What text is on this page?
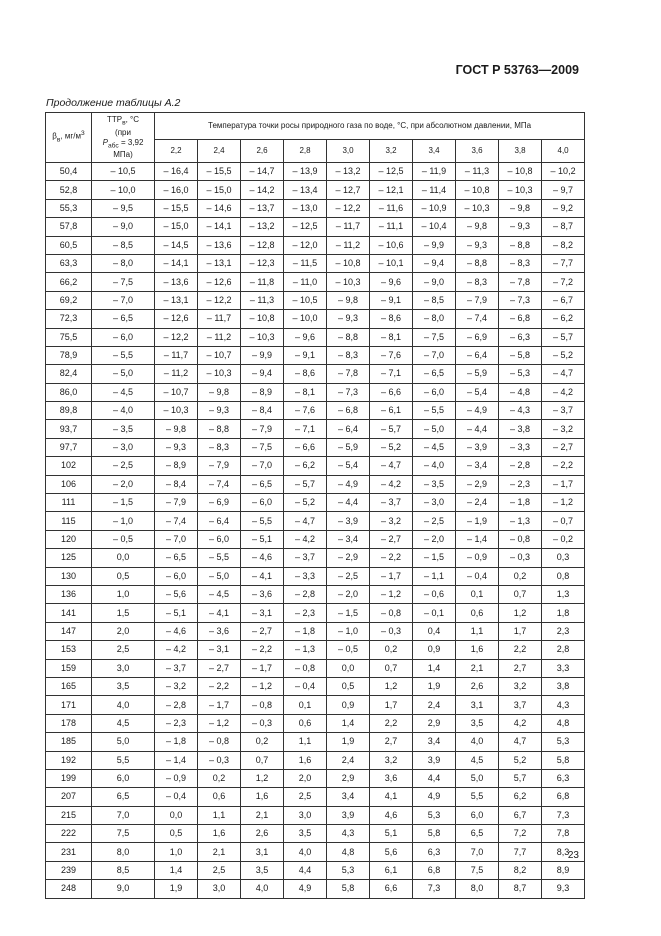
ГОСТ Р 53763—2009
Продолжение таблицы А.2
$\beta_в$, $мг/м^3$	$ТТР_в$, °С
(при
$P_{абс} = 3,92$ МПа)	Температура точки росы природного газа по воде, °С, при абсолютном давлении, МПа									
		2,2	2,4	2,6	2,8	3,0	3,2	3,4	3,6	3,8	4,0
50,4	– 10,5	– 16,4	– 15,5	– 14,7	– 13,9	– 13,2	– 12,5	– 11,9	– 11,3	– 10,8	– 10,2
52,8	– 10,0	– 16,0	– 15,0	– 14,2	– 13,4	– 12,7	– 12,1	– 11,4	– 10,8	– 10,3	– 9,7
55,3	– 9,5	– 15,5	– 14,6	– 13,7	– 13,0	– 12,2	– 11,6	– 10,9	– 10,3	– 9,8	– 9,2
57,8	– 9,0	– 15,0	– 14,1	– 13,2	– 12,5	– 11,7	– 11,1	– 10,4	– 9,8	– 9,3	– 8,7
60,5	– 8,5	– 14,5	– 13,6	– 12,8	– 12,0	– 11,2	– 10,6	– 9,9	– 9,3	– 8,8	– 8,2
63,3	– 8,0	– 14,1	– 13,1	– 12,3	– 11,5	– 10,8	– 10,1	– 9,4	– 8,8	– 8,3	– 7,7
66,2	– 7,5	– 13,6	– 12,6	– 11,8	– 11,0	– 10,3	– 9,6	– 9,0	– 8,3	– 7,8	– 7,2
69,2	– 7,0	– 13,1	– 12,2	– 11,3	– 10,5	– 9,8	– 9,1	– 8,5	– 7,9	– 7,3	– 6,7
72,3	– 6,5	– 12,6	– 11,7	– 10,8	– 10,0	– 9,3	– 8,6	– 8,0	– 7,4	– 6,8	– 6,2
75,5	– 6,0	– 12,2	– 11,2	– 10,3	– 9,6	– 8,8	– 8,1	– 7,5	– 6,9	– 6,3	– 5,7
78,9	– 5,5	– 11,7	– 10,7	– 9,9	– 9,1	– 8,3	– 7,6	– 7,0	– 6,4	– 5,8	– 5,2
82,4	– 5,0	– 11,2	– 10,3	– 9,4	– 8,6	– 7,8	– 7,1	– 6,5	– 5,9	– 5,3	– 4,7
86,0	– 4,5	– 10,7	– 9,8	– 8,9	– 8,1	– 7,3	– 6,6	– 6,0	– 5,4	– 4,8	– 4,2
89,8	– 4,0	– 10,3	– 9,3	– 8,4	– 7,6	– 6,8	– 6,1	– 5,5	– 4,9	– 4,3	– 3,7
93,7	– 3,5	– 9,8	– 8,8	– 7,9	– 7,1	– 6,4	– 5,7	– 5,0	– 4,4	– 3,8	– 3,2
97,7	– 3,0	– 9,3	– 8,3	– 7,5	– 6,6	– 5,9	– 5,2	– 4,5	– 3,9	– 3,3	– 2,7
102	– 2,5	– 8,9	– 7,9	– 7,0	– 6,2	– 5,4	– 4,7	– 4,0	– 3,4	– 2,8	– 2,2
106	– 2,0	– 8,4	– 7,4	– 6,5	– 5,7	– 4,9	– 4,2	– 3,5	– 2,9	– 2,3	– 1,7
111	– 1,5	– 7,9	– 6,9	– 6,0	– 5,2	– 4,4	– 3,7	– 3,0	– 2,4	– 1,8	– 1,2
115	– 1,0	– 7,4	– 6,4	– 5,5	– 4,7	– 3,9	– 3,2	– 2,5	– 1,9	– 1,3	– 0,7
120	– 0,5	– 7,0	– 6,0	– 5,1	– 4,2	– 3,4	– 2,7	– 2,0	– 1,4	– 0,8	– 0,2
125	0,0	– 6,5	– 5,5	– 4,6	– 3,7	– 2,9	– 2,2	– 1,5	– 0,9	– 0,3	0,3
130	0,5	– 6,0	– 5,0	– 4,1	– 3,3	– 2,5	– 1,7	– 1,1	– 0,4	0,2	0,8
136	1,0	– 5,6	– 4,5	– 3,6	– 2,8	– 2,0	– 1,2	– 0,6	0,1	0,7	1,3
141	1,5	– 5,1	– 4,1	– 3,1	– 2,3	– 1,5	– 0,8	– 0,1	0,6	1,2	1,8
147	2,0	– 4,6	– 3,6	– 2,7	– 1,8	– 1,0	– 0,3	0,4	1,1	1,7	2,3
153	2,5	– 4,2	– 3,1	– 2,2	– 1,3	– 0,5	0,2	0,9	1,6	2,2	2,8
159	3,0	– 3,7	– 2,7	– 1,7	– 0,8	0,0	0,7	1,4	2,1	2,7	3,3
165	3,5	– 3,2	– 2,2	– 1,2	– 0,4	0,5	1,2	1,9	2,6	3,2	3,8
171	4,0	– 2,8	– 1,7	– 0,8	0,1	0,9	1,7	2,4	3,1	3,7	4,3
178	4,5	– 2,3	– 1,2	– 0,3	0,6	1,4	2,2	2,9	3,5	4,2	4,8
185	5,0	– 1,8	– 0,8	0,2	1,1	1,9	2,7	3,4	4,0	4,7	5,3
192	5,5	– 1,4	– 0,3	0,7	1,6	2,4	3,2	3,9	4,5	5,2	5,8
199	6,0	– 0,9	0,2	1,2	2,0	2,9	3,6	4,4	5,0	5,7	6,3
207	6,5	– 0,4	0,6	1,6	2,5	3,4	4,1	4,9	5,5	6,2	6,8
215	7,0	0,0	1,1	2,1	3,0	3,9	4,6	5,3	6,0	6,7	7,3
222	7,5	0,5	1,6	2,6	3,5	4,3	5,1	5,8	6,5	7,2	7,8
231	8,0	1,0	2,1	3,1	4,0	4,8	5,6	6,3	7,0	7,7	8,3
239	8,5	1,4	2,5	3,5	4,4	5,3	6,1	6,8	7,5	8,2	8,9
248	9,0	1,9	3,0	4,0	4,9	5,8	6,6	7,3	8,0	8,7	9,3
23
